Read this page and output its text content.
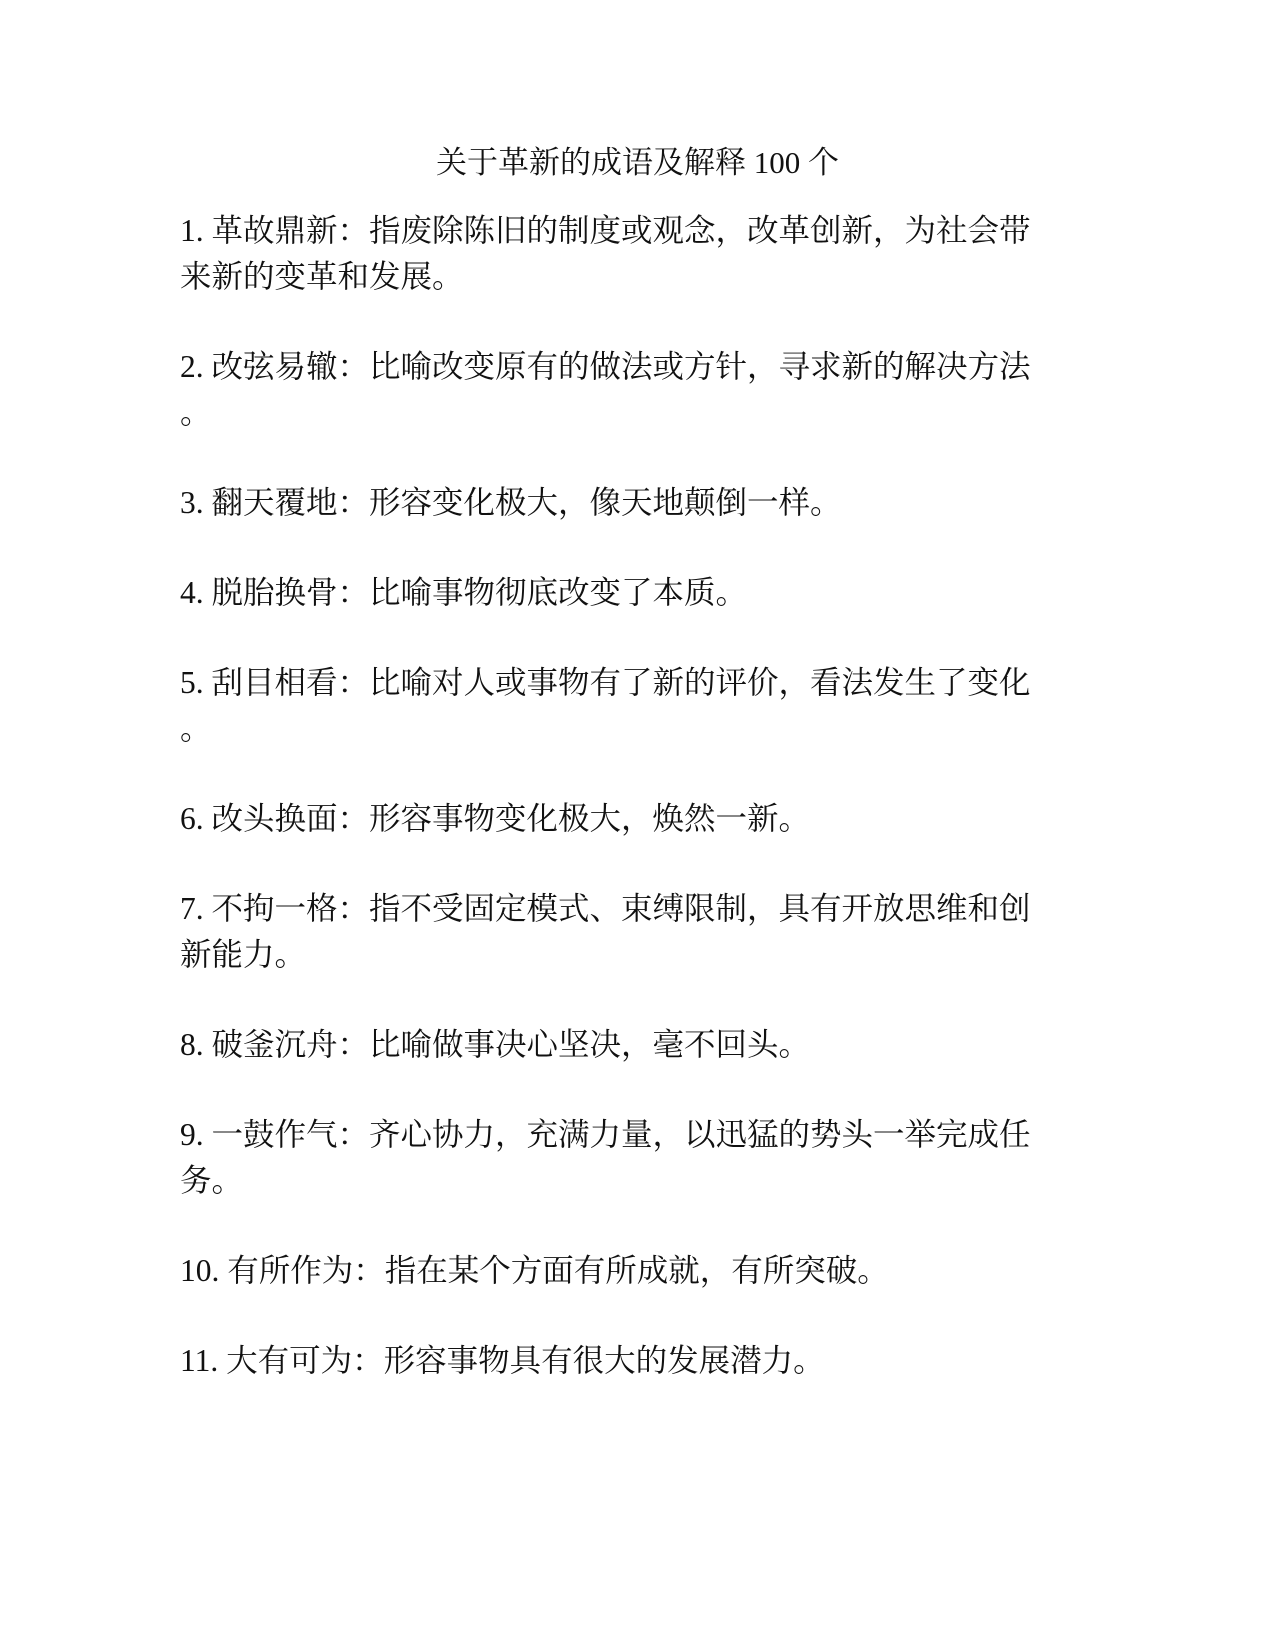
关于革新的成语及解释 100 个
1. 革故鼎新：指废除陈旧的制度或观念，改革创新，为社会带
来新的变革和发展。
2. 改弦易辙：比喻改变原有的做法或方针，寻求新的解决方法
。
3. 翻天覆地：形容变化极大，像天地颠倒一样。
4. 脱胎换骨：比喻事物彻底改变了本质。
5. 刮目相看：比喻对人或事物有了新的评价，看法发生了变化
。
6. 改头换面：形容事物变化极大，焕然一新。
7. 不拘一格：指不受固定模式、束缚限制，具有开放思维和创
新能力。
8. 破釜沉舟：比喻做事决心坚决，毫不回头。
9. 一鼓作气：齐心协力，充满力量，以迅猛的势头一举完成任
务。
10. 有所作为：指在某个方面有所成就，有所突破。
11. 大有可为：形容事物具有很大的发展潜力。
